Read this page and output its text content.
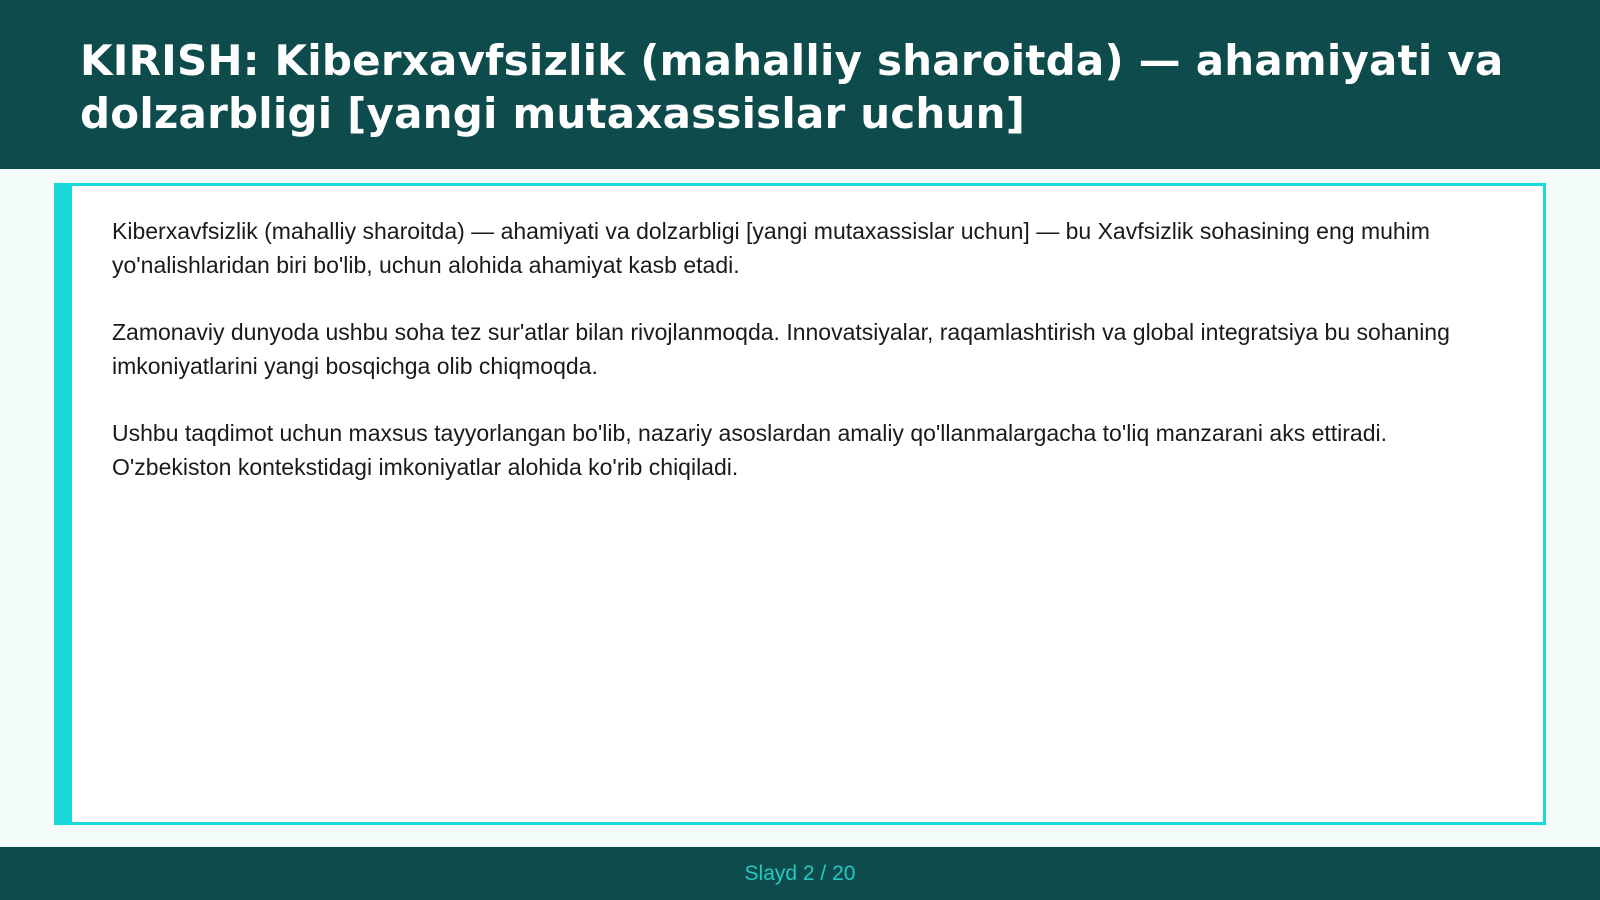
KIRISH: Kiberxavfsizlik (mahalliy sharoitda) — ahamiyati va dolzarbligi [yangi mutaxassislar uchun]

Kiberxavfsizlik (mahalliy sharoitda) — ahamiyati va dolzarbligi [yangi mutaxassislar uchun] — bu Xavfsizlik sohasining eng muhim yo'nalishlaridan biri bo'lib, uchun alohida ahamiyat kasb etadi.

Zamonaviy dunyoda ushbu soha tez sur'atlar bilan rivojlanmoqda. Innovatsiyalar, raqamlashtirish va global integratsiya bu sohaning imkoniyatlarini yangi bosqichga olib chiqmoqda.

Ushbu taqdimot uchun maxsus tayyorlangan bo'lib, nazariy asoslardan amaliy qo'llanmalargacha to'liq manzarani aks ettiradi. O'zbekiston kontekstidagi imkoniyatlar alohida ko'rib chiqiladi.

Slayd 2 / 20
